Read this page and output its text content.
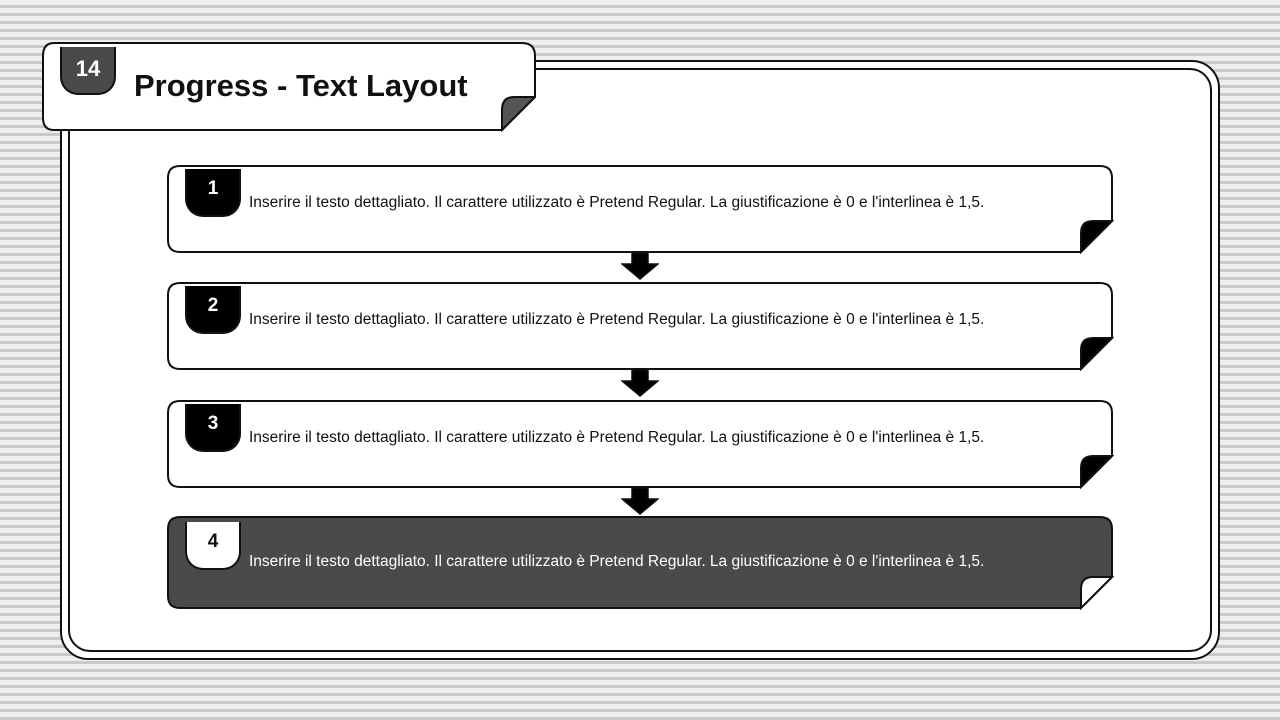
14	Progress - Text Layout
1
Inserire il testo dettagliato. Il carattere utilizzato è Pretend Regular. La giustificazione è 0 e l'interlinea è 1,5.
2
Inserire il testo dettagliato. Il carattere utilizzato è Pretend Regular. La giustificazione è 0 e l'interlinea è 1,5.
3
Inserire il testo dettagliato. Il carattere utilizzato è Pretend Regular. La giustificazione è 0 e l'interlinea è 1,5.
4
Inserire il testo dettagliato. Il carattere utilizzato è Pretend Regular. La giustificazione è 0 e l'interlinea è 1,5.
